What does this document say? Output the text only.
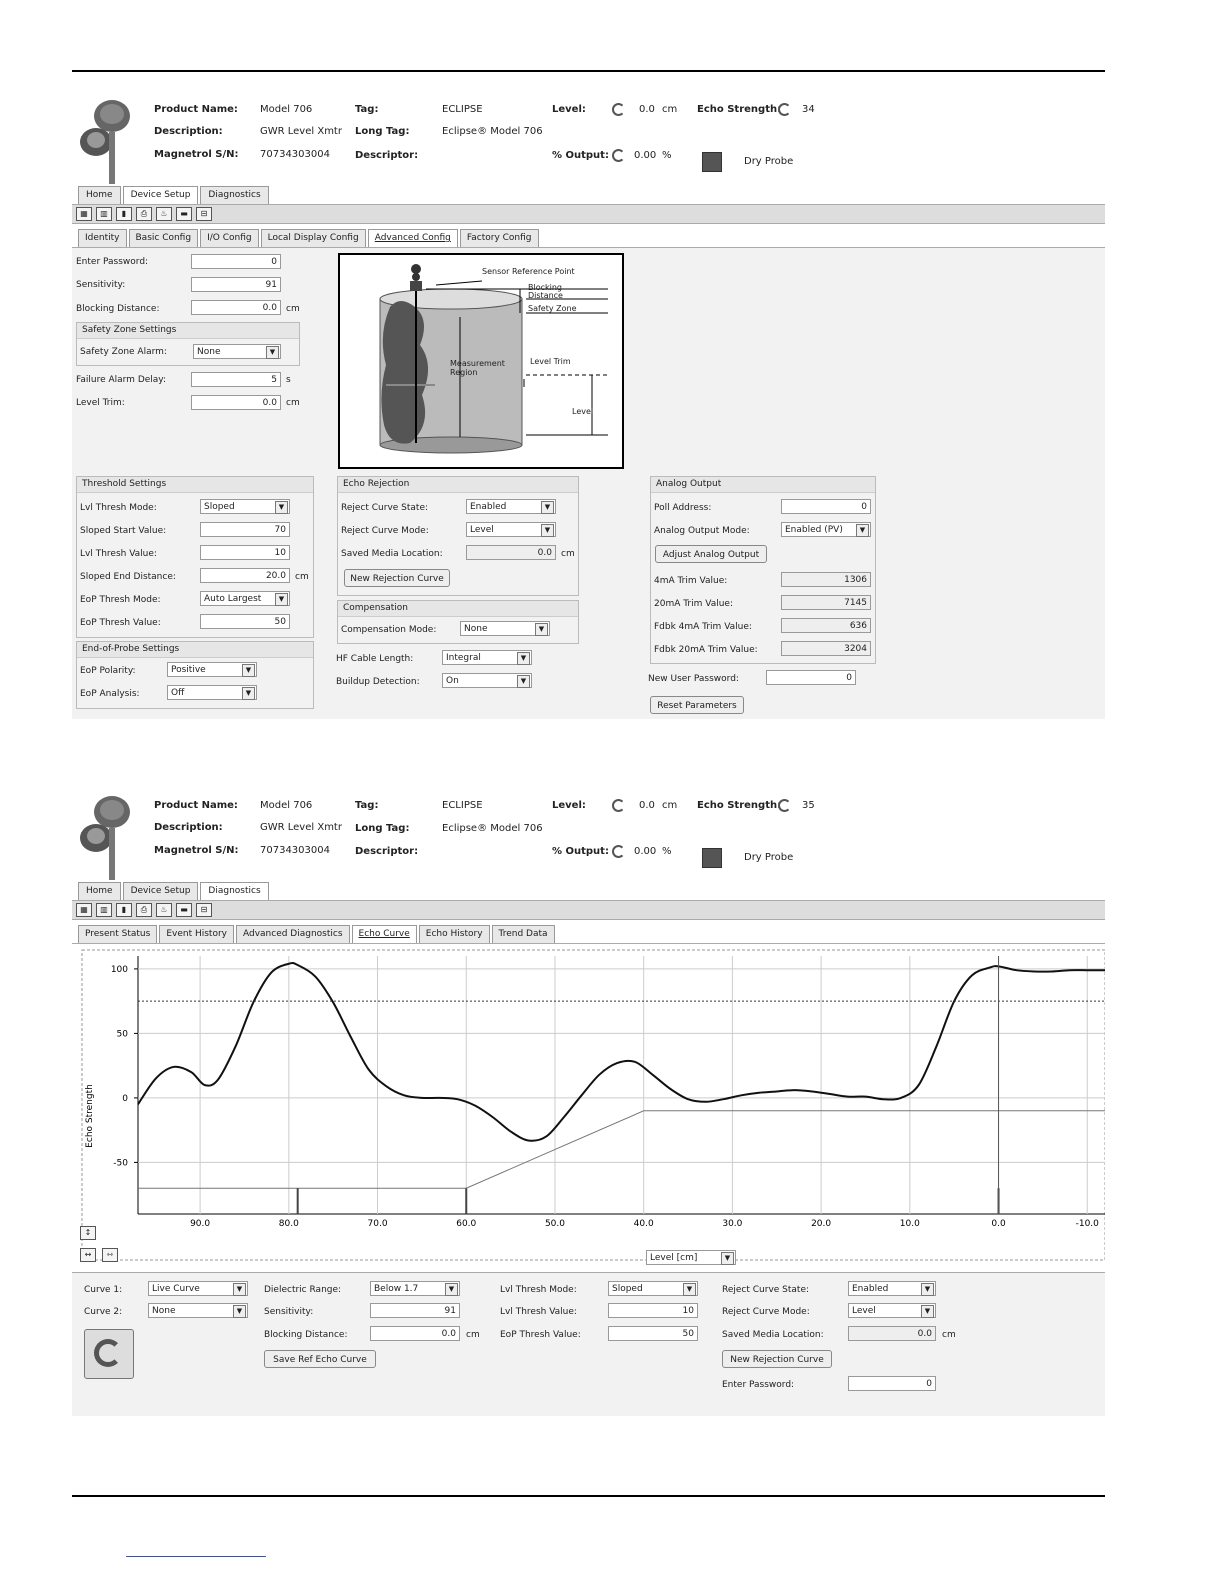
Product Name: Model 706
Description:	GWR Level Xmtr
Magnetrol S/N: 70734303004
Tag:	ECLIPSE
Long Tag:	Eclipse® Model 706
Descriptor:
Level:	0.0 cm Echo Strength: 34
% Output:	0.00 %
Dry Probe
Home	Device Setup	Diagnostics
▦	▥	▮	⎙	♨	▬	⊟
Identity	Basic Config	I/O Config	Local Display Config	Advanced Config	Factory Config
Enter Password:	0
Sensitivity:	91
Blocking Distance:	0.0	cm
Safety Zone Settings
Safety Zone Alarm:	None	▼
Failure Alarm Delay:	5	s
Level Trim:	0.0	cm
Sensor Reference Point
Blocking
Distance
Safety Zone
Measurement
Region
Level Trim
Level
Threshold Settings
Lvl Thresh Mode:	Sloped	▼
Sloped Start Value:	70
Lvl Thresh Value:	10
Sloped End Distance:	20.0	cm
EoP Thresh Mode:	Auto Largest	▼
EoP Thresh Value:	50
End-of-Probe Settings
EoP Polarity:	Positive	▼
EoP Analysis:	Off	▼
Echo Rejection
Reject Curve State:	Enabled	▼
Reject Curve Mode:	Level	▼
Saved Media Location:	0.0	cm
New Rejection Curve
Compensation
Compensation Mode:	None	▼
HF Cable Length:	Integral	▼
Buildup Detection:	On	▼
Analog Output
Poll Address:	0
Analog Output Mode:	Enabled (PV)	▼
Adjust Analog Output
4mA Trim Value:	1306
20mA Trim Value:	7145
Fdbk 4mA Trim Value:	636
Fdbk 20mA Trim Value:	3204
New User Password:	0
Reset Parameters
Product Name: Model 706
Description:	GWR Level Xmtr
Magnetrol S/N: 70734303004
Tag:	ECLIPSE
Long Tag:	Eclipse® Model 706
Descriptor:
Level:	0.0 cm Echo Strength: 35
% Output:	0.00 %
Dry Probe
Home	Device Setup	Diagnostics
▦	▥	▮	⎙	♨	▬	⊟
Present Status	Event History	Advanced Diagnostics	Echo Curve	Echo History	Trend Data
90.0	80.0	70.0	60.0	50.0	40.0	30.0	20.0	10.0	0.0	-10.0
100
50
0
-50
Echo Strength
↕
↔	⇿	Level [cm]	▼
Curve 1:	Live Curve	▼
Curve 2:	None	▼
Dielectric Range:	Below 1.7	▼
Sensitivity:	91
Blocking Distance:	0.0	cm
Save Ref Echo Curve
Lvl Thresh Mode:	Sloped	▼
Lvl Thresh Value:	10
EoP Thresh Value:	50
Reject Curve State:	Enabled	▼
Reject Curve Mode:	Level	▼
Saved Media Location:	0.0	cm
New Rejection Curve
Enter Password:	0
